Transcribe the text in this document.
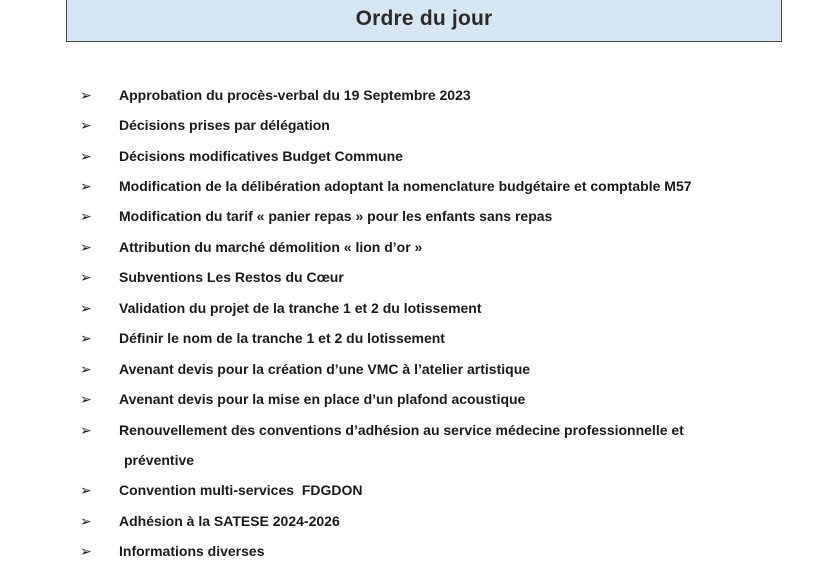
Ordre du jour
➢	Approbation du procès-verbal du 19 Septembre 2023
➢	Décisions prises par délégation
➢	Décisions modificatives Budget Commune
➢	Modification de la délibération adoptant la nomenclature budgétaire et comptable M57
➢	Modification du tarif « panier repas » pour les enfants sans repas
➢	Attribution du marché démolition « lion d’or »
➢	Subventions Les Restos du Cœur
➢	Validation du projet de la tranche 1 et 2 du lotissement
➢	Définir le nom de la tranche 1 et 2 du lotissement
➢	Avenant devis pour la création d’une VMC à l’atelier artistique
➢	Avenant devis pour la mise en place d’un plafond acoustique
➢	Renouvellement des conventions d’adhésion au service médecine professionnelle et
préventive
➢	Convention multi-services  FDGDON
➢	Adhésion à la SATESE 2024-2026
➢	Informations diverses
